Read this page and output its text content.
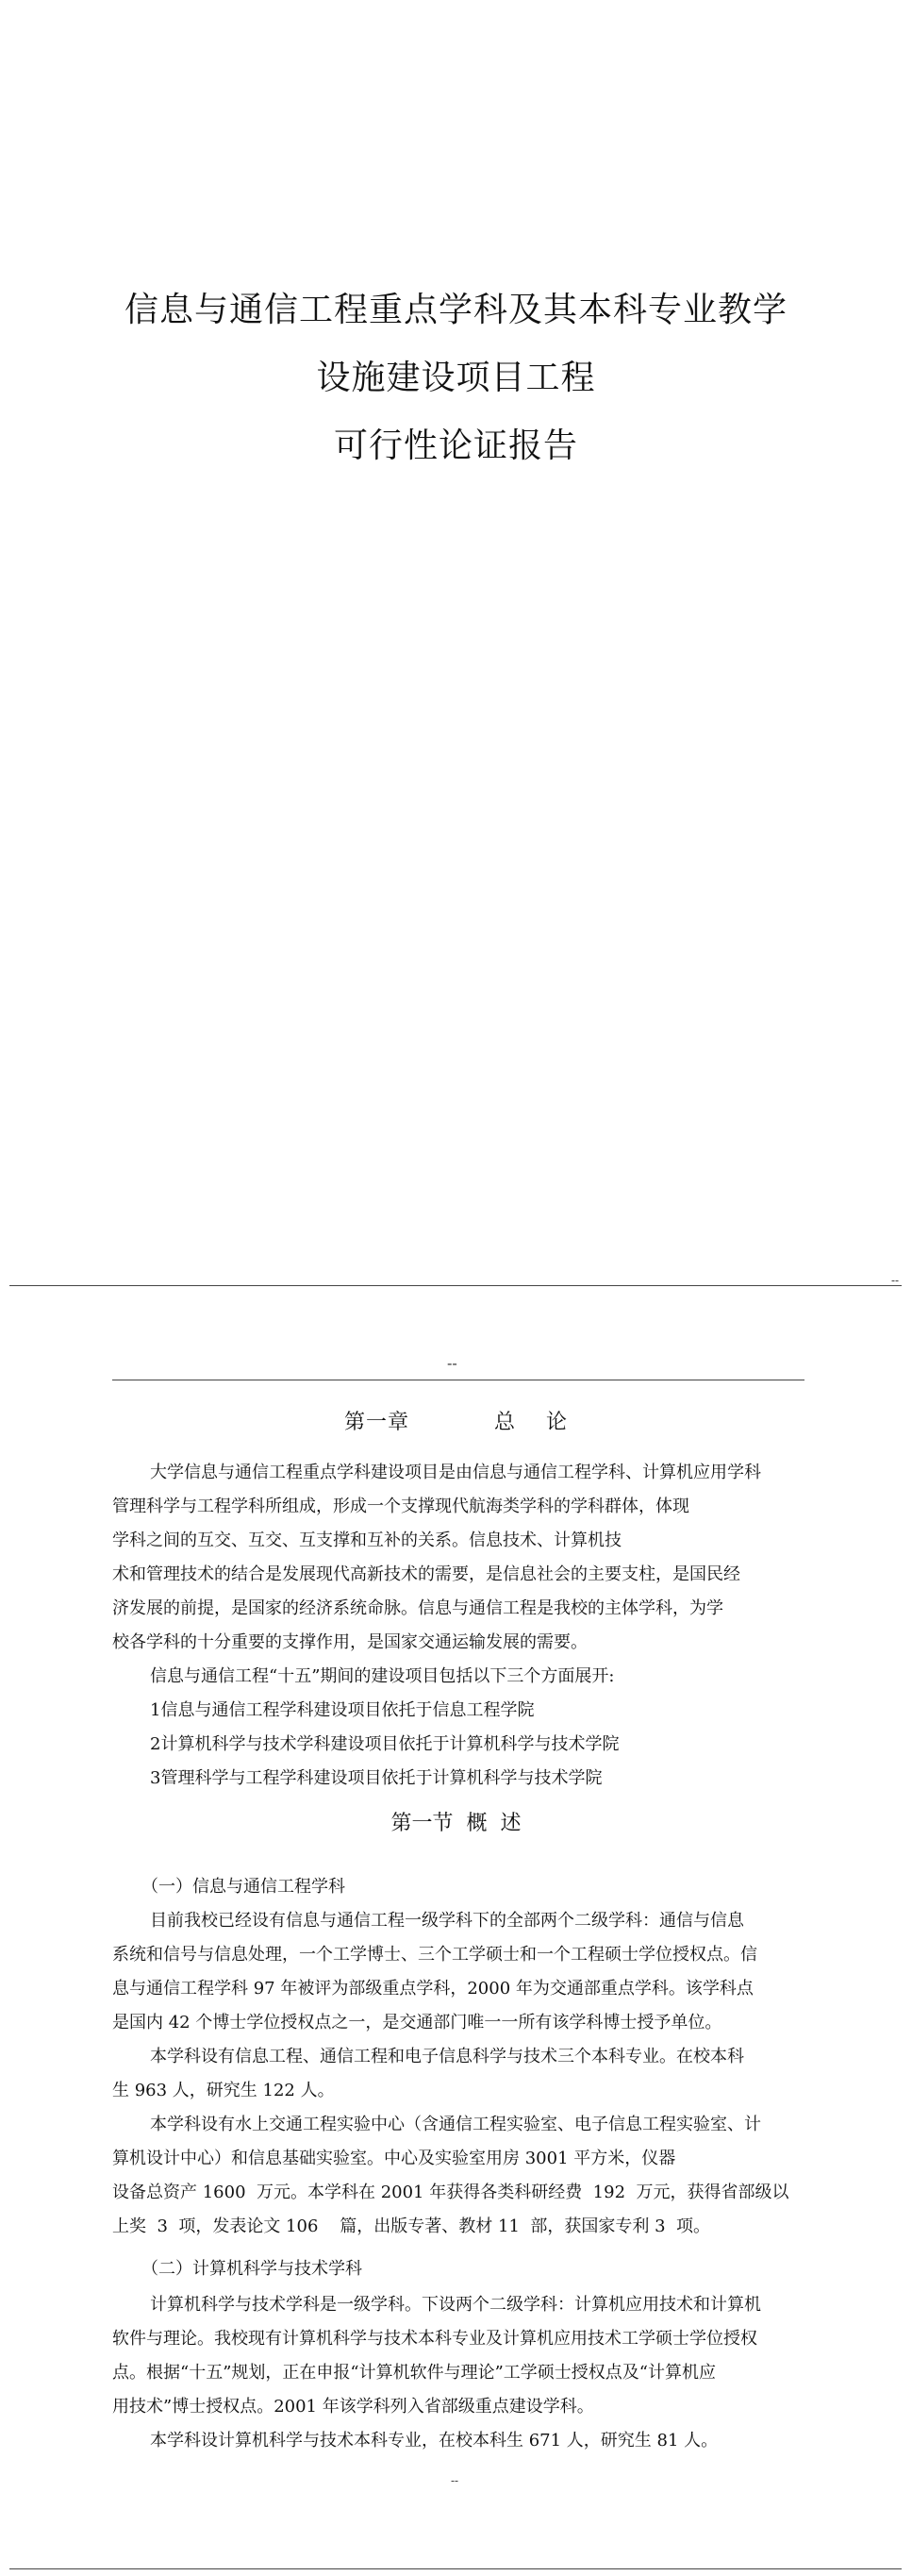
信息与通信工程重点学科及其本科专业教学
设施建设项目工程
可行性论证报告
--
--
第一章	总    论
大学信息与通信工程重点学科建设项目是由信息与通信工程学科、计算机应用学科
管理科学与工程学科所组成，形成一个支撑现代航海类学科的学科群体，体现
学科之间的互交、互交、互支撑和互补的关系。信息技术、计算机技
术和管理技术的结合是发展现代高新技术的需要，是信息社会的主要支柱，是国民经
济发展的前提，是国家的经济系统命脉。信息与通信工程是我校的主体学科，为学
校各学科的十分重要的支撑作用，是国家交通运输发展的需要。
信息与通信工程“十五”期间的建设项目包括以下三个方面展开:
1信息与通信工程学科建设项目依托于信息工程学院
2计算机科学与技术学科建设项目依托于计算机科学与技术学院
3管理科学与工程学科建设项目依托于计算机科学与技术学院
第一节  概  述
（一）信息与通信工程学科
目前我校已经设有信息与通信工程一级学科下的全部两个二级学科：通信与信息
系统和信号与信息处理，一个工学博士、三个工学硕士和一个工程硕士学位授权点。信
息与通信工程学科 97 年被评为部级重点学科，2000 年为交通部重点学科。该学科点
是国内 42 个博士学位授权点之一，是交通部门唯一一所有该学科博士授予单位。
本学科设有信息工程、通信工程和电子信息科学与技术三个本科专业。在校本科
生 963 人，研究生 122 人。
本学科设有水上交通工程实验中心（含通信工程实验室、电子信息工程实验室、计
算机设计中心）和信息基础实验室。中心及实验室用房 3001 平方米，仪器
设备总资产 1600  万元。本学科在 2001 年获得各类科研经费  192  万元，获得省部级以
上奖  3  项，发表论文 106    篇，出版专著、教材 11  部，获国家专利 3  项。
（二）计算机科学与技术学科
计算机科学与技术学科是一级学科。下设两个二级学科：计算机应用技术和计算机
软件与理论。我校现有计算机科学与技术本科专业及计算机应用技术工学硕士学位授权
点。根据“十五”规划，正在申报“计算机软件与理论”工学硕士授权点及“计算机应
用技术”博士授权点。2001 年该学科列入省部级重点建设学科。
本学科设计算机科学与技术本科专业，在校本科生 671 人，研究生 81 人。
--
